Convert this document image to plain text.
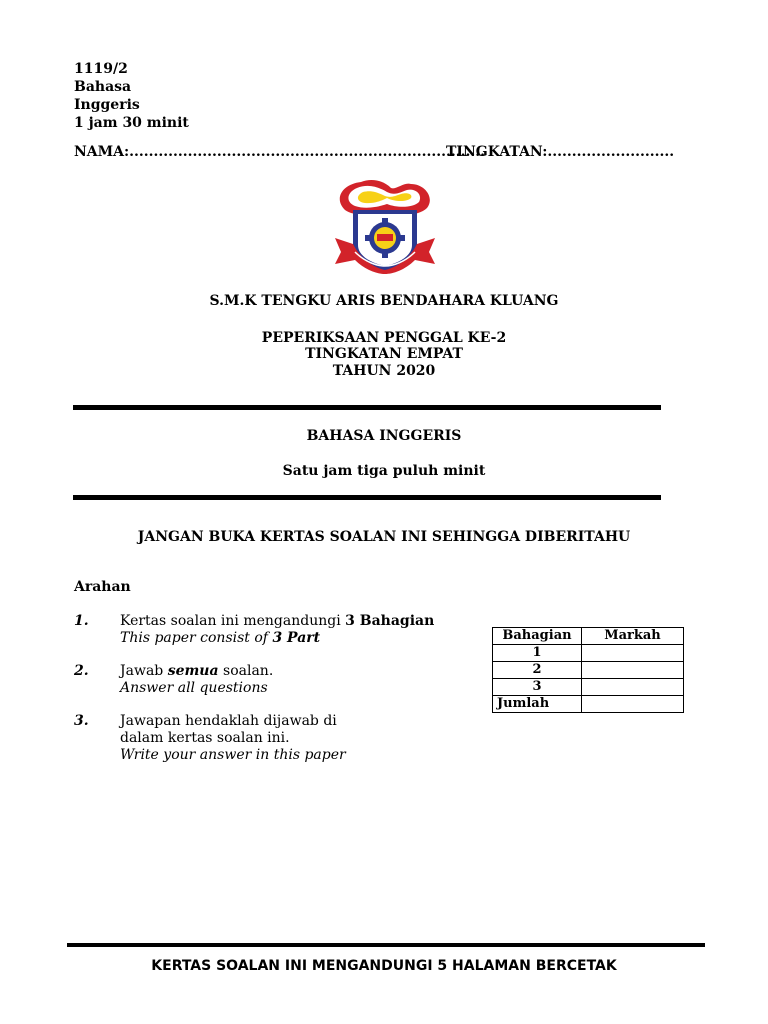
1119/2
Bahasa
Inggeris
1 jam 30 minit
NAMA:.........................................................................
TINGKATAN:..........................
S.M.K TENGKU ARIS BENDAHARA KLUANG
PEPERIKSAAN PENGGAL KE-2
TINGKATAN EMPAT
TAHUN 2020
BAHASA INGGERIS
Satu jam tiga puluh minit
JANGAN BUKA KERTAS SOALAN INI SEHINGGA DIBERITAHU
Arahan
1. Kertas soalan ini mengandungi 3 Bahagian
This paper consist of 3 Part
2. Jawab semua soalan.
Answer all questions
3. Jawapan hendaklah dijawab di
dalam kertas soalan ini.
Write your answer in this paper
Bahagian	Markah
1	
2	
3	
Jumlah	
KERTAS SOALAN INI MENGANDUNGI 5 HALAMAN BERCETAK
